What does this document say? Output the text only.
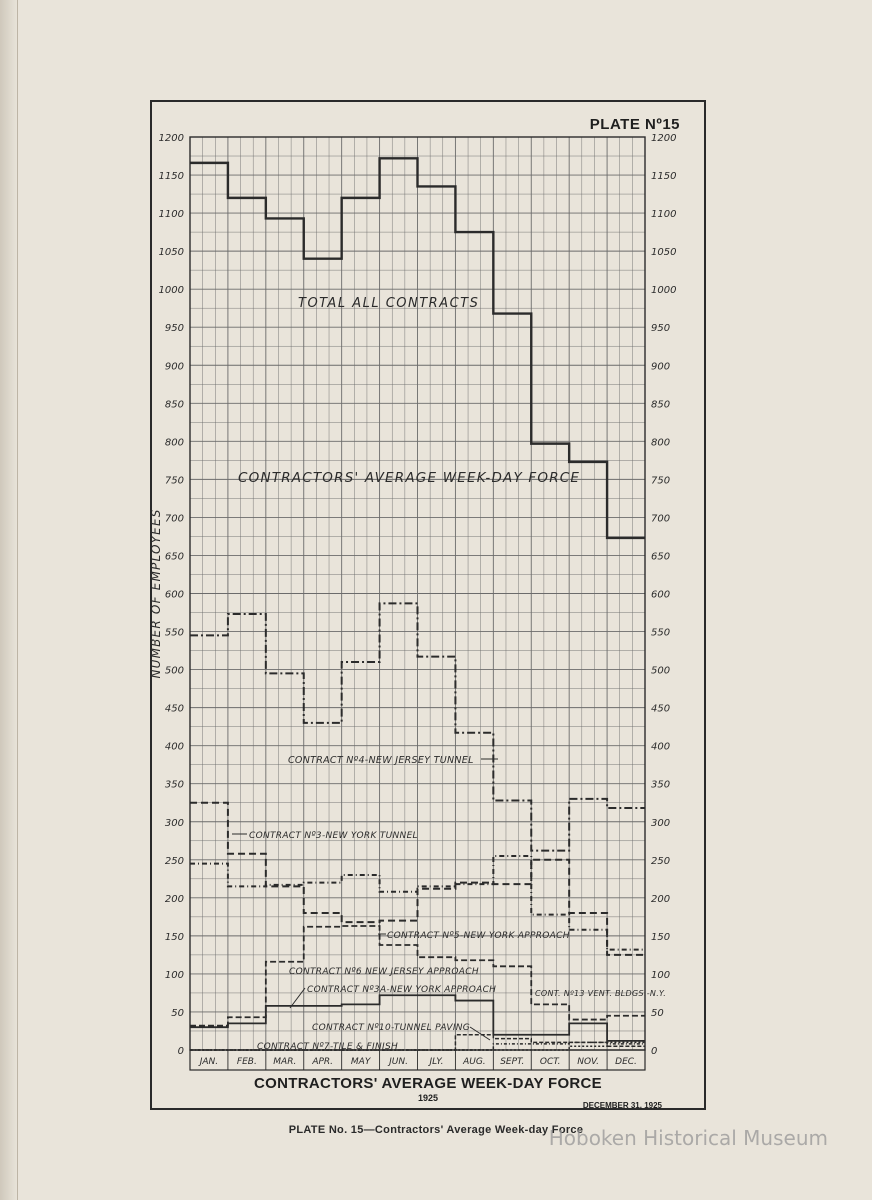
PLATE Nº15
0	0
50	50
100	100
150	150
200	200
250	250
300	300
350	350
400	400
450	450
500	500
550	550
600	600
650	650
700	700
750	750
800	800
850	850
900	900
950	950
1000	1000
1050	1050
1100	1100
1150	1150
1200	1200
JAN. FEB. MAR. APR. MAY JUN. JLY. AUG. SEPT. OCT. NOV. DEC.
NUMBER OF EMPLOYEES
TOTAL ALL CONTRACTS
CONTRACT Nº4-NEW JERSEY TUNNEL
CONTRACT Nº3-NEW YORK TUNNEL
CONTRACT Nº5-NEW YORK APPROACH
CONTRACT Nº6 NEW JERSEY APPROACH
CONTRACT Nº3A-NEW YORK APPROACH
CONTRACT Nº10-TUNNEL PAVING
CONTRACT Nº7-TILE & FINISH
CONT. Nº13 VENT. BLDGS.-N.Y.
CONTRACTORS' AVERAGE WEEK-DAY FORCE
CONTRACTORS' AVERAGE WEEK-DAY FORCE
1925
DECEMBER 31, 1925
PLATE No. 15—Contractors' Average Week-day Force
Hoboken Historical Museum
